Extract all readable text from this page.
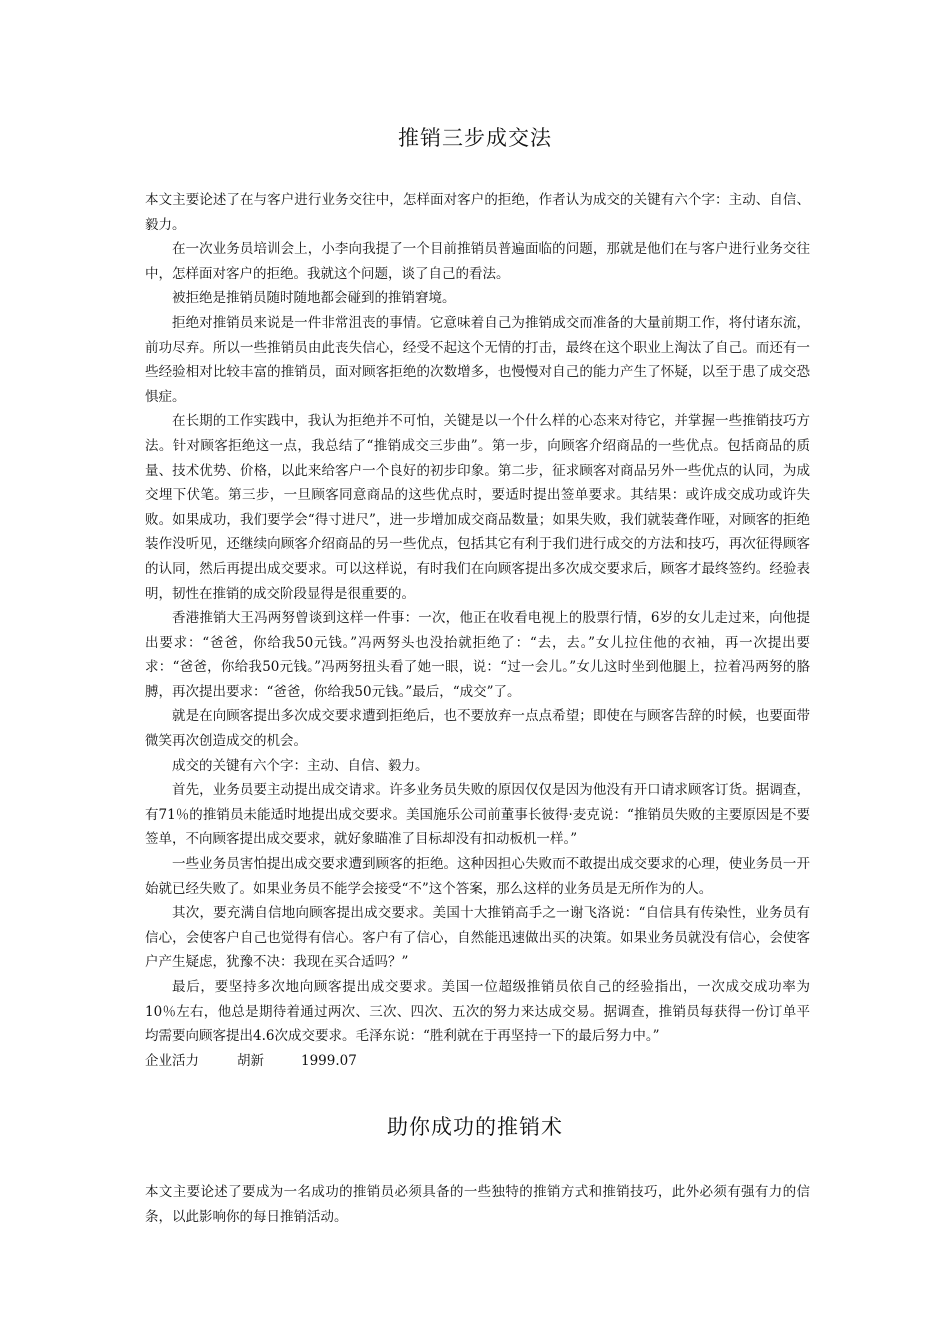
推销三步成交法

本文主要论述了在与客户进行业务交往中，怎样面对客户的拒绝，作者认为成交的关键有六个字：主动、自信、毅力。

在一次业务员培训会上，小李向我提了一个目前推销员普遍面临的问题，那就是他们在与客户进行业务交往中，怎样面对客户的拒绝。我就这个问题，谈了自己的看法。

被拒绝是推销员随时随地都会碰到的推销窘境。

拒绝对推销员来说是一件非常沮丧的事情。它意味着自己为推销成交而准备的大量前期工作，将付诸东流，前功尽弃。所以一些推销员由此丧失信心，经受不起这个无情的打击，最终在这个职业上淘汰了自己。而还有一些经验相对比较丰富的推销员，面对顾客拒绝的次数增多，也慢慢对自己的能力产生了怀疑，以至于患了成交恐惧症。

在长期的工作实践中，我认为拒绝并不可怕，关键是以一个什么样的心态来对待它，并掌握一些推销技巧方法。针对顾客拒绝这一点，我总结了“推销成交三步曲”。第一步，向顾客介绍商品的一些优点。包括商品的质量、技术优势、价格，以此来给客户一个良好的初步印象。第二步，征求顾客对商品另外一些优点的认同，为成交埋下伏笔。第三步，一旦顾客同意商品的这些优点时，要适时提出签单要求。其结果：或许成交成功或许失败。如果成功，我们要学会“得寸进尺”，进一步增加成交商品数量；如果失败，我们就装聋作哑，对顾客的拒绝装作没听见，还继续向顾客介绍商品的另一些优点，包括其它有利于我们进行成交的方法和技巧，再次征得顾客的认同，然后再提出成交要求。可以这样说，有时我们在向顾客提出多次成交要求后，顾客才最终签约。经验表明，韧性在推销的成交阶段显得是很重要的。

香港推销大王冯两努曾谈到这样一件事：一次，他正在收看电视上的股票行情，6岁的女儿走过来，向他提出要求：“爸爸，你给我50元钱。”冯两努头也没抬就拒绝了：“去，去。”女儿拉住他的衣袖，再一次提出要求：“爸爸，你给我50元钱。”冯两努扭头看了她一眼，说：“过一会儿。”女儿这时坐到他腿上，拉着冯两努的胳膊，再次提出要求：“爸爸，你给我50元钱。”最后，“成交”了。

就是在向顾客提出多次成交要求遭到拒绝后，也不要放弃一点点希望；即使在与顾客告辞的时候，也要面带微笑再次创造成交的机会。

成交的关键有六个字：主动、自信、毅力。

首先，业务员要主动提出成交请求。许多业务员失败的原因仅仅是因为他没有开口请求顾客订货。据调查，有71％的推销员未能适时地提出成交要求。美国施乐公司前董事长彼得·麦克说：“推销员失败的主要原因是不要签单，不向顾客提出成交要求，就好象瞄准了目标却没有扣动板机一样。”

一些业务员害怕提出成交要求遭到顾客的拒绝。这种因担心失败而不敢提出成交要求的心理，使业务员一开始就已经失败了。如果业务员不能学会接受“不”这个答案，那么这样的业务员是无所作为的人。

其次，要充满自信地向顾客提出成交要求。美国十大推销高手之一谢飞洛说：“自信具有传染性，业务员有信心，会使客户自己也觉得有信心。客户有了信心，自然能迅速做出买的决策。如果业务员就没有信心，会使客户产生疑虑，犹豫不决：我现在买合适吗？”

最后，要坚持多次地向顾客提出成交要求。美国一位超级推销员依自己的经验指出，一次成交成功率为10％左右，他总是期待着通过两次、三次、四次、五次的努力来达成交易。据调查，推销员每获得一份订单平均需要向顾客提出4.6次成交要求。毛泽东说：“胜利就在于再坚持一下的最后努力中。”

企业活力	胡新	1999.07

助你成功的推销术

本文主要论述了要成为一名成功的推销员必须具备的一些独特的推销方式和推销技巧，此外必须有强有力的信条，以此影响你的每日推销活动。
